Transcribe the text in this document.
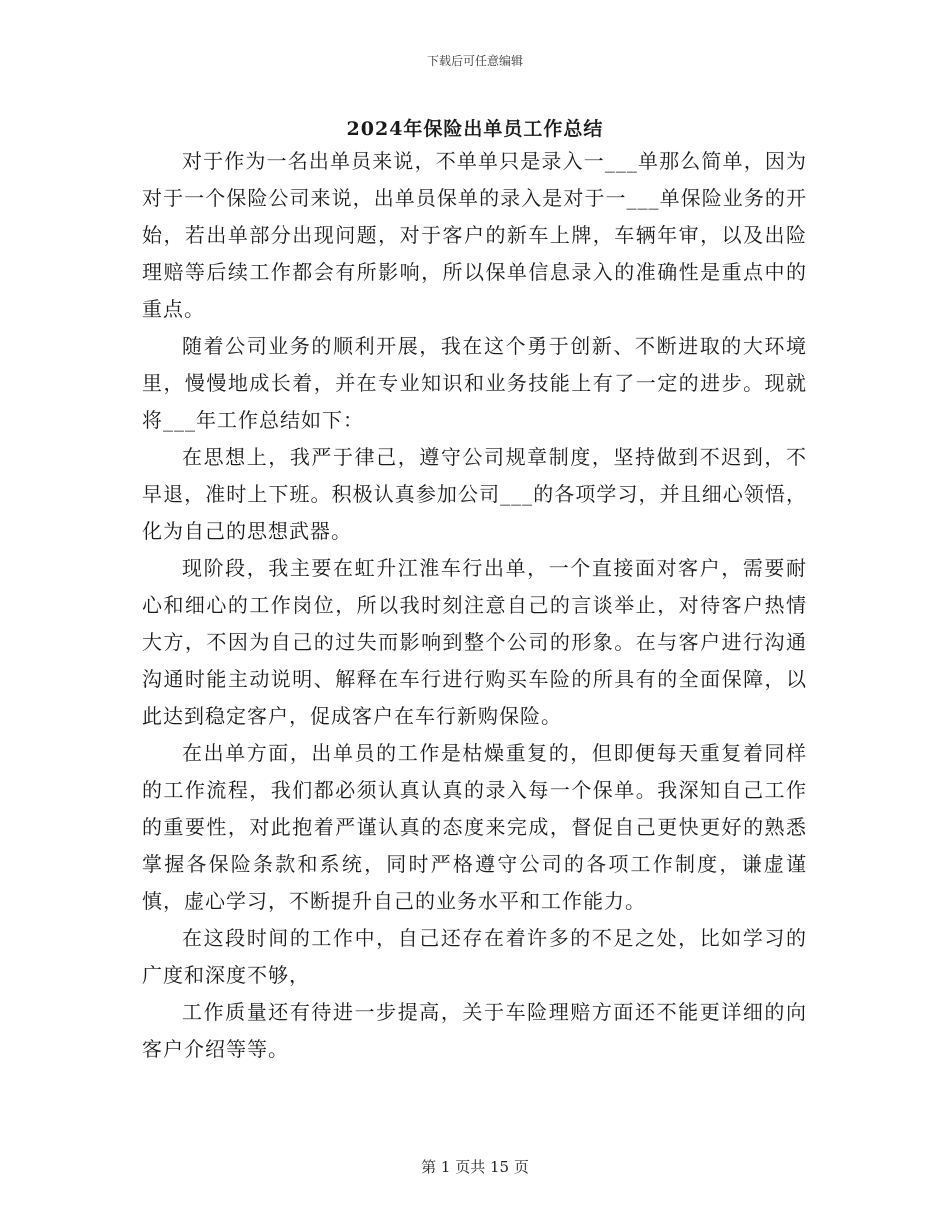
下载后可任意编辑
2024年保险出单员工作总结

对于作为一名出单员来说，不单单只是录入一___单那么简单，因为对于一个保险公司来说，出单员保单的录入是对于一___单保险业务的开始，若出单部分出现问题，对于客户的新车上牌，车辆年审，以及出险理赔等后续工作都会有所影响，所以保单信息录入的准确性是重点中的重点。

随着公司业务的顺利开展，我在这个勇于创新、不断进取的大环境里，慢慢地成长着，并在专业知识和业务技能上有了一定的进步。现就将___年工作总结如下：

在思想上，我严于律己，遵守公司规章制度，坚持做到不迟到，不早退，准时上下班。积极认真参加公司___的各项学习，并且细心领悟，化为自己的思想武器。

现阶段，我主要在虹升江淮车行出单，一个直接面对客户，需要耐心和细心的工作岗位，所以我时刻注意自己的言谈举止，对待客户热情大方，不因为自己的过失而影响到整个公司的形象。在与客户进行沟通沟通时能主动说明、解释在车行进行购买车险的所具有的全面保障，以此达到稳定客户，促成客户在车行新购保险。

在出单方面，出单员的工作是枯燥重复的，但即便每天重复着同样的工作流程，我们都必须认真认真的录入每一个保单。我深知自己工作的重要性，对此抱着严谨认真的态度来完成，督促自己更快更好的熟悉掌握各保险条款和系统，同时严格遵守公司的各项工作制度，谦虚谨慎，虚心学习，不断提升自己的业务水平和工作能力。

在这段时间的工作中，自己还存在着许多的不足之处，比如学习的广度和深度不够，

工作质量还有待进一步提高，关于车险理赔方面还不能更详细的向客户介绍等等。

第 1 页共 15 页
